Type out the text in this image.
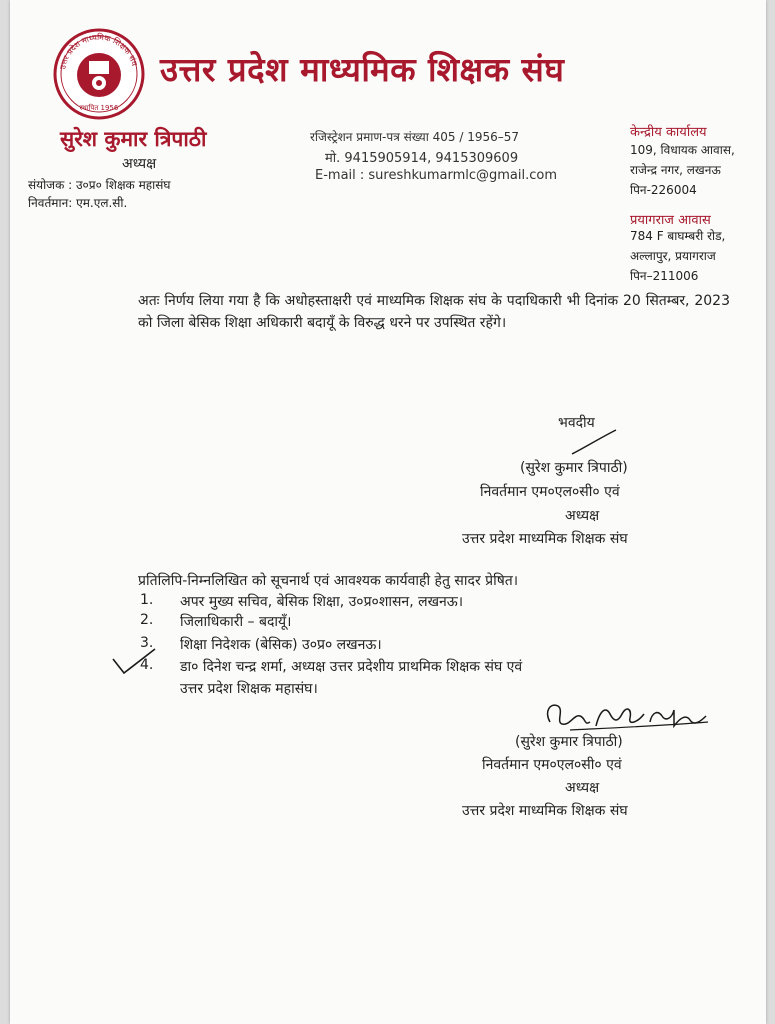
उत्तर प्रदेश माध्यमिक शिक्षक संघ
स्थापित 1956
उत्तर प्रदेश माध्यमिक शिक्षक संघ
सुरेश कुमार त्रिपाठी
अध्यक्ष
संयोजक : उ०प्र० शिक्षक महासंघ
निवर्तमान: एम.एल.सी.
रजिस्ट्रेशन प्रमाण-पत्र संख्या 405 / 1956–57
मो. 9415905914, 9415309609
E-mail : sureshkumarmlc@gmail.com
केन्द्रीय कार्यालय
109, विधायक आवास,
राजेन्द्र नगर, लखनऊ
पिन-226004
प्रयागराज आवास
784 F बाघम्बरी रोड,
अल्लापुर, प्रयागराज
पिन–211006
अतः निर्णय लिया गया है कि अधोहस्ताक्षरी एवं माध्यमिक शिक्षक संघ के पदाधिकारी भी दिनांक 20 सितम्बर, 2023 को जिला बेसिक शिक्षा अधिकारी बदायूँ के विरुद्ध धरने पर उपस्थित रहेंगे।
भवदीय
(सुरेश कुमार त्रिपाठी)
निवर्तमान एम०एल०सी० एवं
अध्यक्ष
उत्तर प्रदेश माध्यमिक शिक्षक संघ
प्रतिलिपि-निम्नलिखित को सूचनार्थ एवं आवश्यक कार्यवाही हेतु सादर प्रेषित।
1. अपर मुख्य सचिव, बेसिक शिक्षा, उ०प्र०शासन, लखनऊ।
2. जिलाधिकारी – बदायूँ।
3. शिक्षा निदेशक (बेसिक) उ०प्र० लखनऊ।
4. डा० दिनेश चन्द्र शर्मा, अध्यक्ष उत्तर प्रदेशीय प्राथमिक शिक्षक संघ एवं
उत्तर प्रदेश शिक्षक महासंघ।
(सुरेश कुमार त्रिपाठी)
निवर्तमान एम०एल०सी० एवं
अध्यक्ष
उत्तर प्रदेश माध्यमिक शिक्षक संघ
